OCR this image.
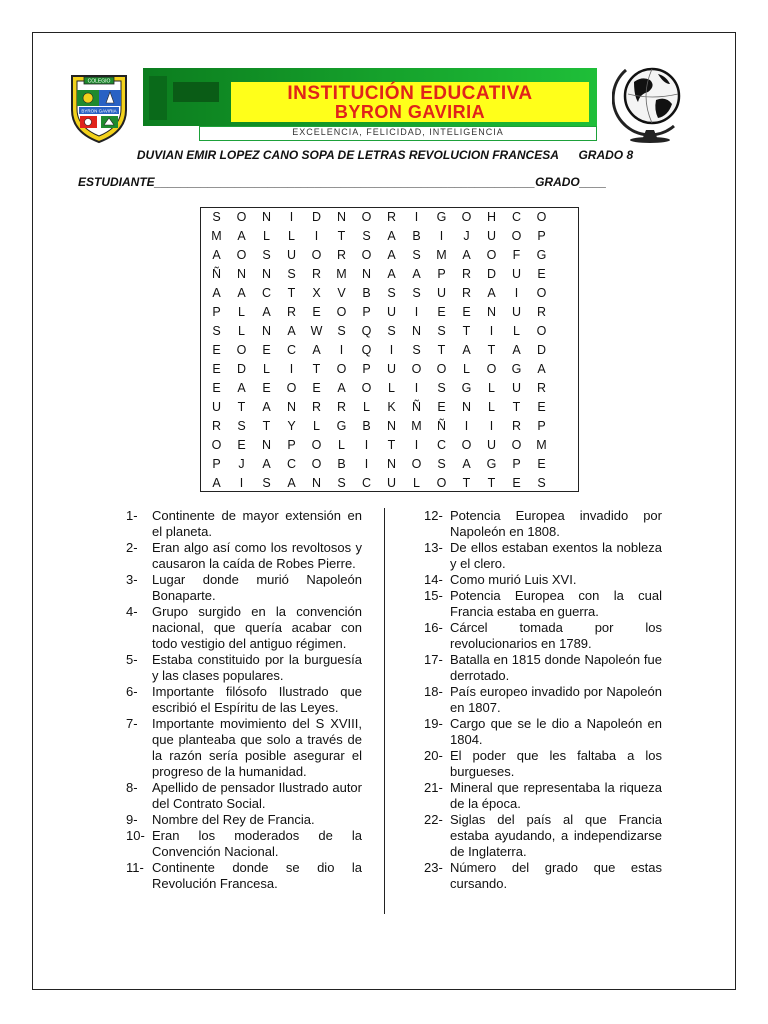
COLEGIO
BYRON GAVIRIA
INSTITUCIÓN EDUCATIVA
BYRON GAVIRIA
EXCELENCIA, FELICIDAD, INTELIGENCIA
DUVIAN EMIR LOPEZ CANO SOPA DE LETRAS REVOLUCION FRANCESA      GRADO 8
ESTUDIANTE_________________________________________________________GRADO____
S	O	N	I	D	N	O	R	I	G	O	H	C	O
M	A	L	L	I	T	S	A	B	I	J	U	O	P
A	O	S	U	O	R	O	A	S	M	A	O	F	G
Ñ	N	N	S	R	M	N	A	A	P	R	D	U	E
A	A	C	T	X	V	B	S	S	U	R	A	I	O
P	L	A	R	E	O	P	U	I	E	E	N	U	R
S	L	N	A	W	S	Q	S	N	S	T	I	L	O
E	O	E	C	A	I	Q	I	S	T	A	T	A	D
E	D	L	I	T	O	P	U	O	O	L	O	G	A
E	A	E	O	E	A	O	L	I	S	G	L	U	R
U	T	A	N	R	R	L	K	Ñ	E	N	L	T	E
R	S	T	Y	L	G	B	N	M	Ñ	I	I	R	P
O	E	N	P	O	L	I	T	I	C	O	U	O	M
P	J	A	C	O	B	I	N	O	S	A	G	P	E
A	I	S	A	N	S	C	U	L	O	T	T	E	S
1-	Continente de mayor extensión en el planeta.
2-	Eran algo así como los revoltosos y causaron la caída de Robes Pierre.
3-	Lugar donde murió Napoleón Bonaparte.
4-	Grupo surgido en la convención nacional, que quería acabar con todo vestigio del antiguo régimen.
5-	Estaba constituido por la burguesía y las clases populares.
6-	Importante filósofo Ilustrado que escribió el Espíritu de las Leyes.
7-	Importante movimiento del S XVIII, que planteaba que solo a través de la razón sería posible asegurar el progreso de la humanidad.
8-	Apellido de pensador Ilustrado autor del Contrato Social.
9-	Nombre del Rey de Francia.
10- Eran los moderados de la Convención Nacional.
11- Continente donde se dio la Revolución Francesa.
12- Potencia Europea invadido por Napoleón en 1808.
13- De ellos estaban exentos la nobleza y el clero.
14- Como murió Luis XVI.
15- Potencia Europea con la cual Francia estaba en guerra.
16- Cárcel tomada por los revolucionarios en 1789.
17- Batalla en 1815 donde Napoleón fue derrotado.
18- País europeo invadido por Napoleón en 1807.
19- Cargo que se le dio a Napoleón en 1804.
20- El poder que les faltaba a los burgueses.
21- Mineral que representaba la riqueza de la época.
22- Siglas del país al que Francia estaba ayudando, a independizarse de Inglaterra.
23- Número del grado que estas cursando.
